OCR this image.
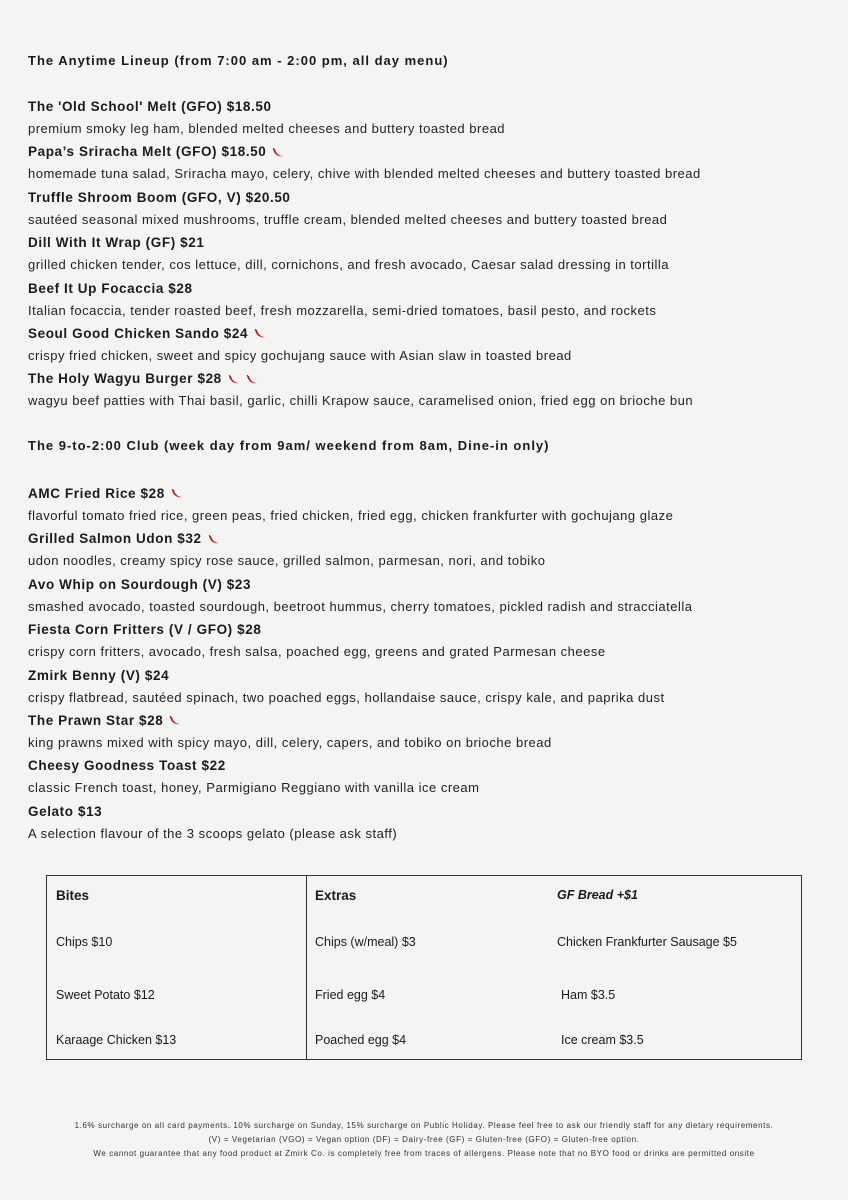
The Anytime Lineup (from 7:00 am - 2:00 pm, all day menu)
The 'Old School' Melt (GFO) $18.50
premium smoky leg ham, blended melted cheeses and buttery toasted bread
Papa’s Sriracha Melt (GFO) $18.50
homemade tuna salad, Sriracha mayo, celery, chive with blended melted cheeses and buttery toasted bread
Truffle Shroom Boom (GFO, V) $20.50
sautéed seasonal mixed mushrooms, truffle cream, blended melted cheeses and buttery toasted bread
Dill With It Wrap (GF) $21
grilled chicken tender, cos lettuce, dill, cornichons, and fresh avocado, Caesar salad dressing in tortilla
Beef It Up Focaccia $28
Italian focaccia, tender roasted beef, fresh mozzarella, semi-dried tomatoes, basil pesto, and rockets
Seoul Good Chicken Sando $24
crispy fried chicken, sweet and spicy gochujang sauce with Asian slaw in toasted bread
The Holy Wagyu Burger $28
wagyu beef patties with Thai basil, garlic, chilli Krapow sauce, caramelised onion, fried egg on brioche bun
The 9-to-2:00 Club (week day from 9am/ weekend from 8am, Dine-in only)
AMC Fried Rice $28
flavorful tomato fried rice, green peas, fried chicken, fried egg, chicken frankfurter with gochujang glaze
Grilled Salmon Udon $32
udon noodles, creamy spicy rose sauce, grilled salmon, parmesan, nori, and tobiko
Avo Whip on Sourdough (V) $23
smashed avocado, toasted sourdough, beetroot hummus, cherry tomatoes, pickled radish and stracciatella
Fiesta Corn Fritters (V / GFO) $28
crispy corn fritters, avocado, fresh salsa, poached egg, greens and grated Parmesan cheese
Zmirk Benny (V) $24
crispy flatbread, sautéed spinach, two poached eggs, hollandaise sauce, crispy kale, and paprika dust
The Prawn Star $28
king prawns mixed with spicy mayo, dill, celery, capers, and tobiko on brioche bread
Cheesy Goodness Toast $22
classic French toast, honey, Parmigiano Reggiano with vanilla ice cream
Gelato $13
A selection flavour of the 3 scoops gelato (please ask staff)
Bites	Extras	GF Bread +$1
Chips $10
Sweet Potato $12
Karaage Chicken $13
Chips (w/meal) $3
Fried egg $4
Poached egg $4
Chicken Frankfurter Sausage $5
Ham $3.5
Ice cream $3.5
1.6% surcharge on all card payments. 10% surcharge on Sunday, 15% surcharge on Public Holiday. Please feel free to ask our friendly staff for any dietary requirements.
(V) = Vegetarian (VGO) = Vegan option (DF) = Dairy-free (GF) = Gluten-free (GFO) = Gluten-free option.
We cannot guarantee that any food product at Zmirk Co. is completely free from traces of allergens. Please note that no BYO food or drinks are permitted onsite
